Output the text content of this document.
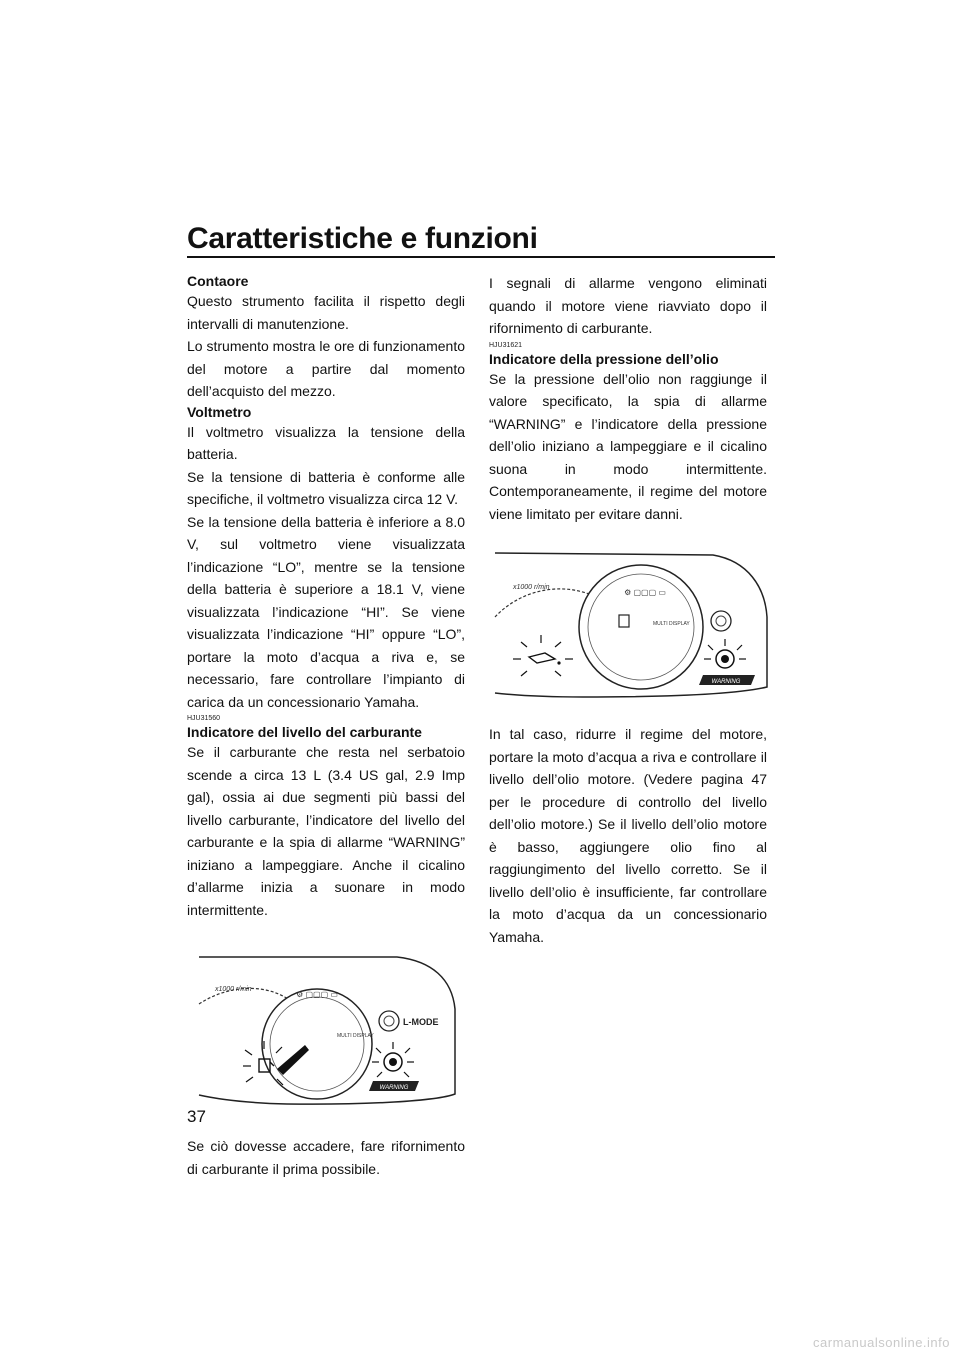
Caratteristiche e funzioni
Contaore

Questo strumento facilita il rispetto degli intervalli di manutenzione.

Lo strumento mostra le ore di funzionamento del motore a partire dal momento dell’acquisto del mezzo.

Voltmetro

Il voltmetro visualizza la tensione della batteria.

Se la tensione di batteria è conforme alle specifiche, il voltmetro visualizza circa 12 V.

Se la tensione della batteria è inferiore a 8.0 V, sul voltmetro viene visualizzata l’indicazione “LO”, mentre se la tensione della batteria è superiore a 18.1 V, viene visualizzata l’indicazione “HI”. Se viene visualizzata l’indicazione “HI” oppure “LO”, portare la moto d’acqua a riva e, se necessario, fare controllare l’impianto di carica da un concessionario Yamaha.

HJU31560
Indicatore del livello del carburante

Se il carburante che resta nel serbatoio scende a circa 13 L (3.4 US gal, 2.9 Imp gal), ossia ai due segmenti più bassi del livello carburante, l’indicatore del livello del carburante e la spia di allarme “WARNING” iniziano a lampeggiare. Anche il cicalino d’allarme inizia a suonare in modo intermittente.

x1000 r/min
⚙ ▢▢▢ ▭
MULTI DISPLAY
L-MODE
WARNING

Se ciò dovesse accadere, fare rifornimento di carburante il prima possibile.

I segnali di allarme vengono eliminati quando il motore viene riavviato dopo il rifornimento di carburante.

HJU31621
Indicatore della pressione dell’olio

Se la pressione dell’olio non raggiunge il valore specificato, la spia di allarme “WARNING” e l’indicatore della pressione dell’olio iniziano a lampeggiare e il cicalino suona in modo intermittente. Contemporaneamente, il regime del motore viene limitato per evitare danni.

x1000 r/min
⚙ ▢▢▢ ▭
MULTI DISPLAY
WARNING

In tal caso, ridurre il regime del motore, portare la moto d’acqua a riva e controllare il livello dell’olio motore. (Vedere pagina 47 per le procedure di controllo del livello dell’olio motore.) Se il livello dell’olio motore è basso, aggiungere olio fino al raggiungimento del livello corretto. Se il livello dell’olio è insufficiente, far controllare la moto d’acqua da un concessionario Yamaha.

37
carmanualsonline.info
